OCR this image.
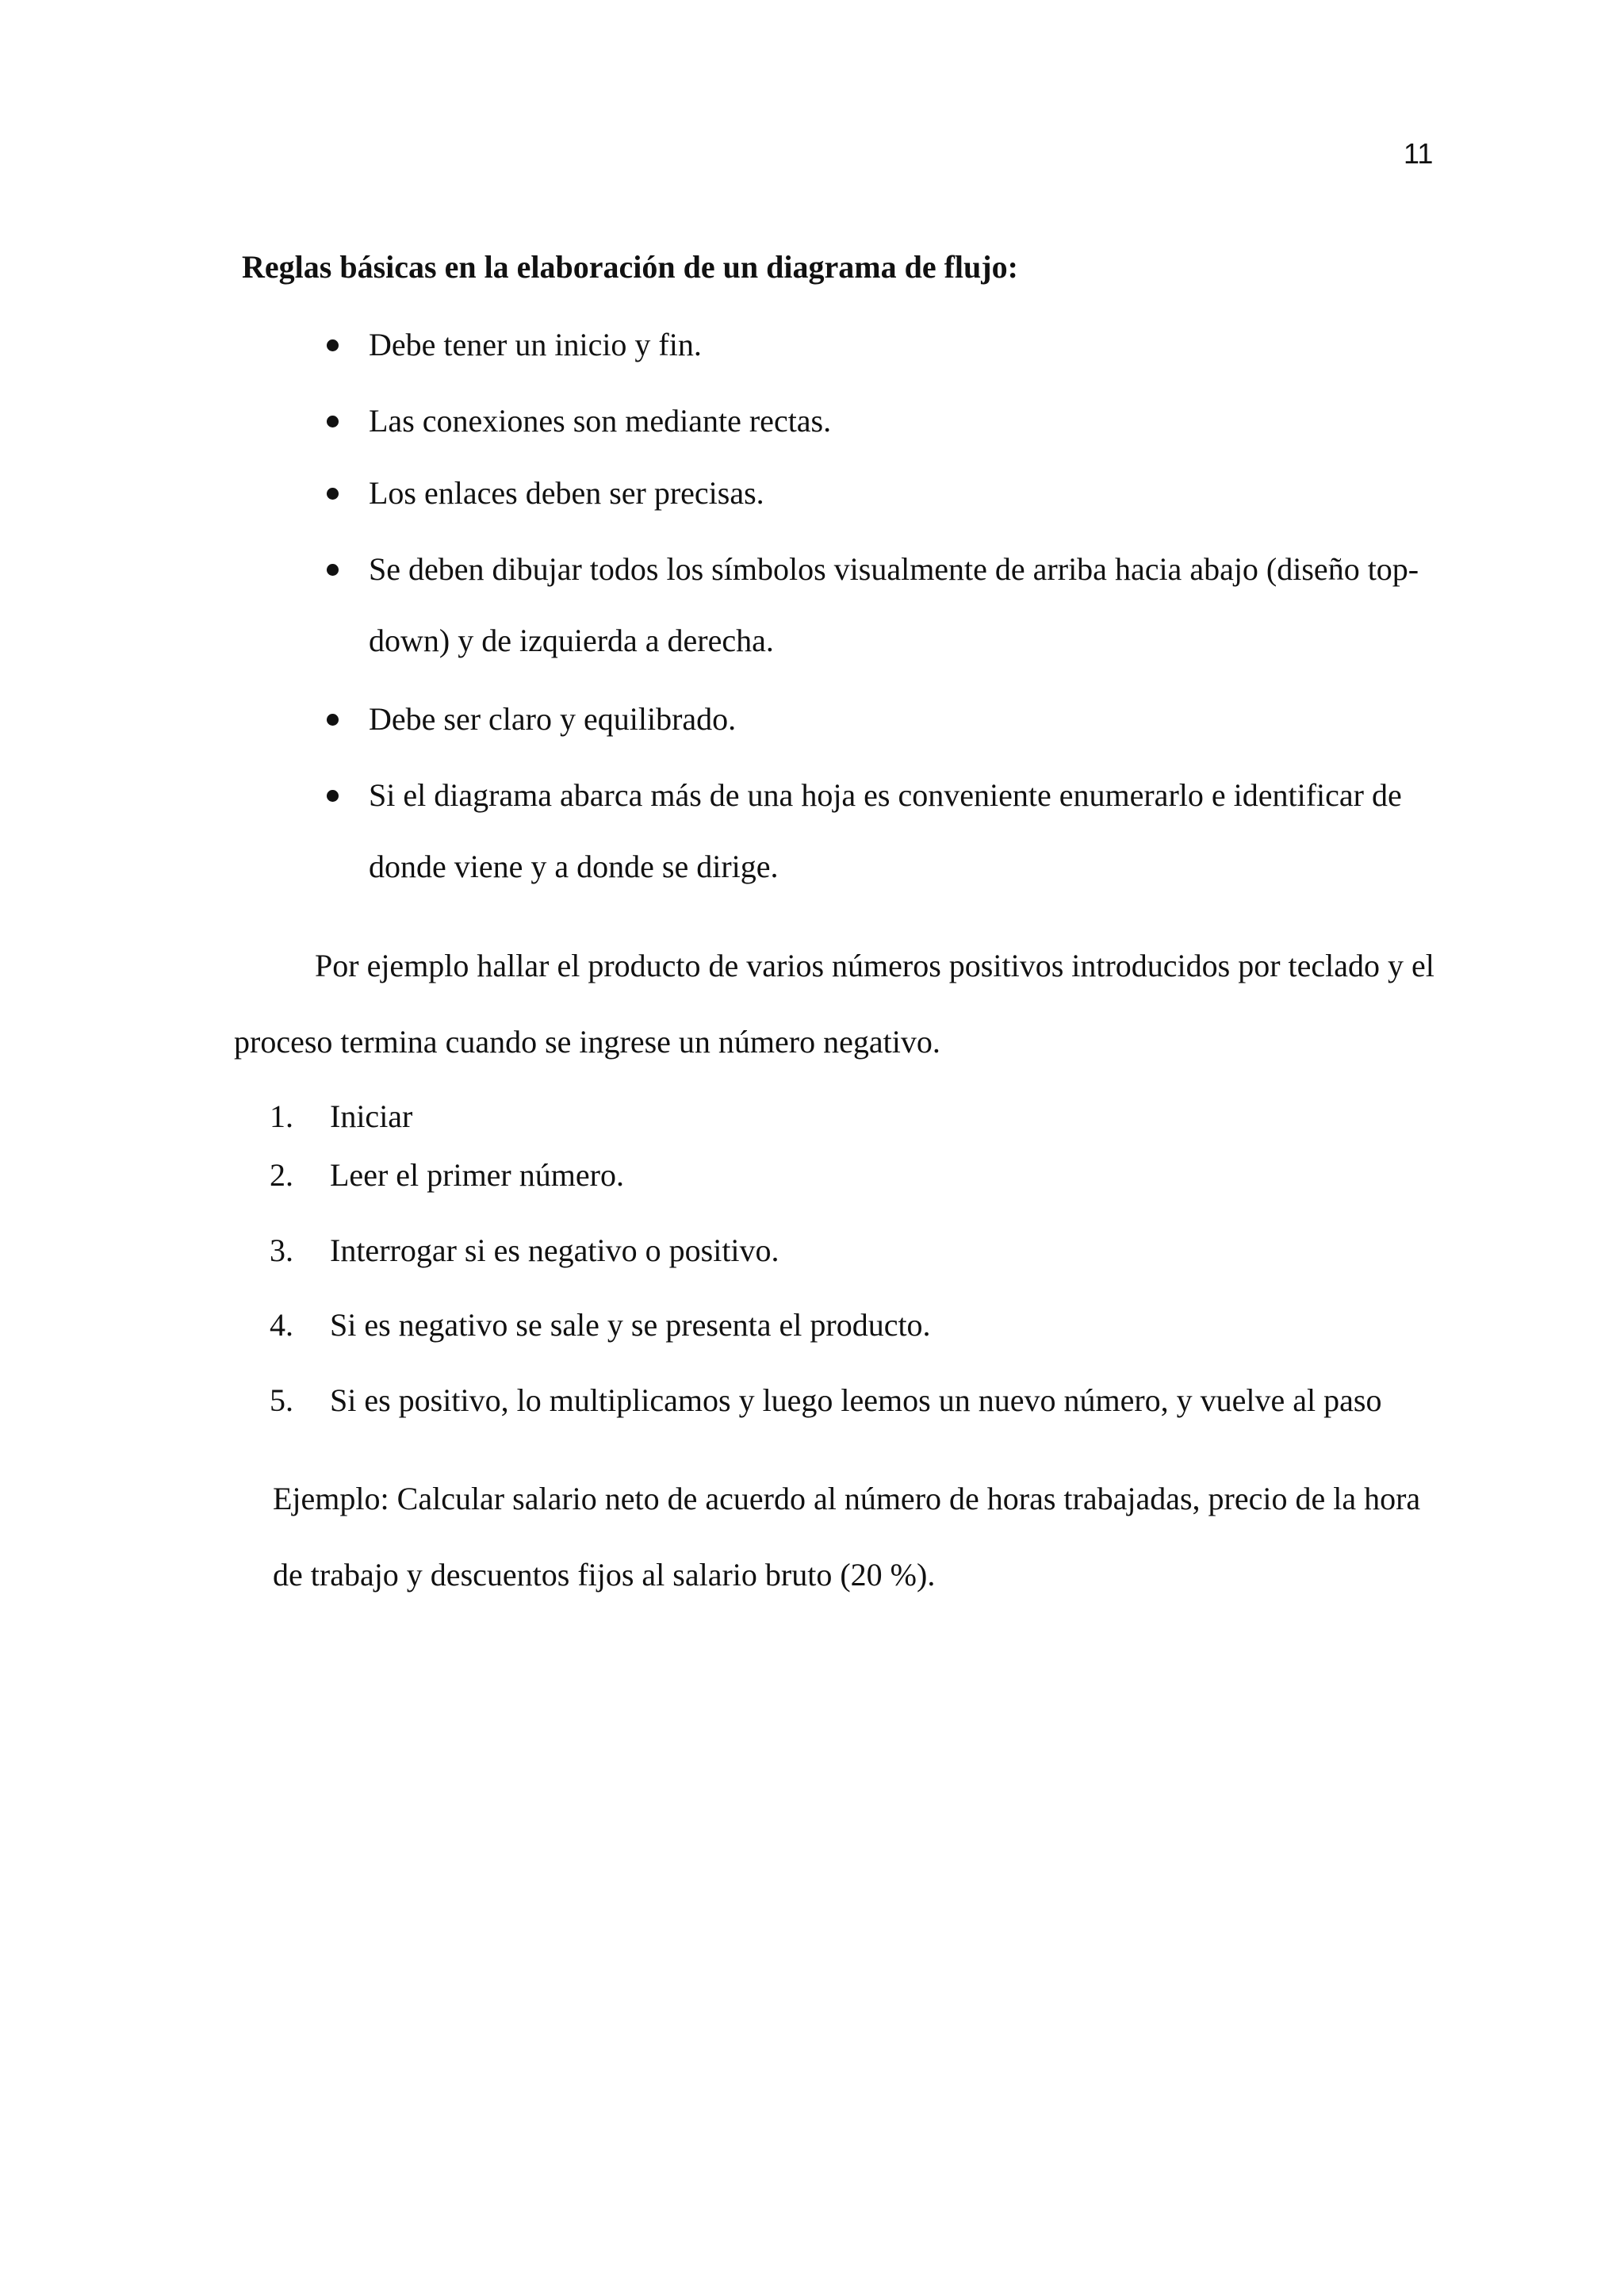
11
Reglas básicas en la elaboración de un diagrama de flujo:
Debe tener un inicio y fin.
Las conexiones son mediante rectas.
Los enlaces deben ser precisas.
Se deben dibujar todos los símbolos visualmente de arriba hacia abajo (diseño top-down) y de izquierda a derecha.
Debe ser claro y equilibrado.
Si el diagrama abarca más de una hoja es conveniente enumerarlo e identificar de donde viene y a donde se dirige.

Por ejemplo hallar el producto de varios números positivos introducidos por teclado y el proceso termina cuando se ingrese un número negativo.

1. Iniciar
2. Leer el primer número.
3. Interrogar si es negativo o positivo.
4. Si es negativo se sale y se presenta el producto.
5. Si es positivo, lo multiplicamos y luego leemos un nuevo número, y vuelve al paso

Ejemplo: Calcular salario neto de acuerdo al número de horas trabajadas, precio de la hora de trabajo y descuentos fijos al salario bruto (20 %).
